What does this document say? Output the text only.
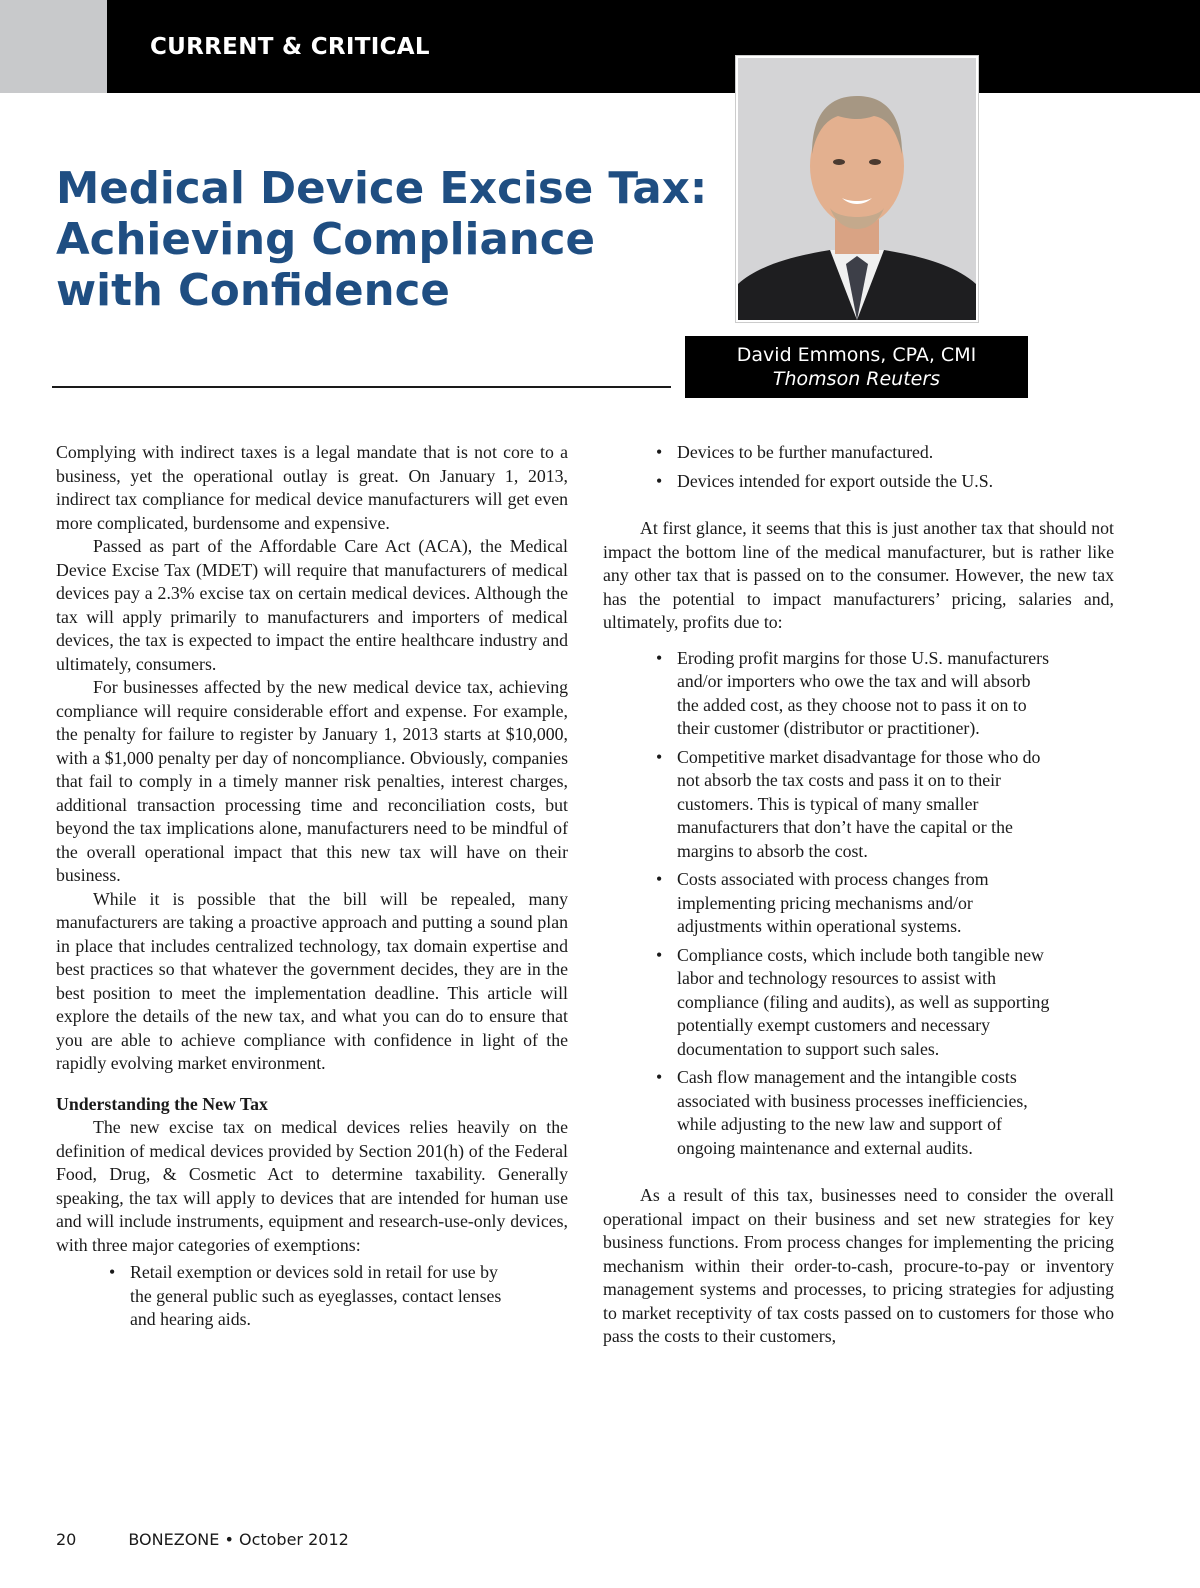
CURRENT & CRITICAL
Medical Device Excise Tax:
Achieving Compliance
with Confidence
David Emmons, CPA, CMI
Thomson Reuters

Complying with indirect taxes is a legal mandate that is not core to a business, yet the operational outlay is great. On January 1, 2013, indirect tax compliance for medical device manufacturers will get even more complicated, burdensome and expensive.

Passed as part of the Affordable Care Act (ACA), the Medical Device Excise Tax (MDET) will require that manufacturers of medical devices pay a 2.3% excise tax on certain medical devices. Although the tax will apply primarily to manufacturers and importers of medical devices, the tax is expected to impact the entire healthcare industry and ultimately, consumers.

For businesses affected by the new medical device tax, achieving compliance will require considerable effort and expense. For example, the penalty for failure to register by January 1, 2013 starts at $10,000, with a $1,000 penalty per day of noncompliance. Obviously, companies that fail to comply in a timely manner risk penalties, interest charges, additional transaction processing time and reconciliation costs, but beyond the tax implications alone, manufacturers need to be mindful of the overall operational impact that this new tax will have on their business.

While it is possible that the bill will be repealed, many manufacturers are taking a proactive approach and putting a sound plan in place that includes centralized technology, tax domain expertise and best practices so that whatever the government decides, they are in the best position to meet the implementation deadline. This article will explore the details of the new tax, and what you can do to ensure that you are able to achieve compliance with confidence in light of the rapidly evolving market environment.

Understanding the New Tax

The new excise tax on medical devices relies heavily on the definition of medical devices provided by Section 201(h) of the Federal Food, Drug, & Cosmetic Act to determine taxability. Generally speaking, the tax will apply to devices that are intended for human use and will include instruments, equipment and research-use-only devices, with three major categories of exemptions:

• Retail exemption or devices sold in retail for use by the general public such as eyeglasses, contact lenses and hearing aids.
• Devices to be further manufactured.
• Devices intended for export outside the U.S.

At first glance, it seems that this is just another tax that should not impact the bottom line of the medical manufacturer, but is rather like any other tax that is passed on to the consumer. However, the new tax has the potential to impact manufacturers’ pricing, salaries and, ultimately, profits due to:

• Eroding profit margins for those U.S. manufacturers and/or importers who owe the tax and will absorb the added cost, as they choose not to pass it on to their customer (distributor or practitioner).
• Competitive market disadvantage for those who do not absorb the tax costs and pass it on to their customers. This is typical of many smaller manufacturers that don’t have the capital or the margins to absorb the cost.
• Costs associated with process changes from implementing pricing mechanisms and/or adjustments within operational systems.
• Compliance costs, which include both tangible new labor and technology resources to assist with compliance (filing and audits), as well as supporting potentially exempt customers and necessary documentation to support such sales.
• Cash flow management and the intangible costs associated with business processes inefficiencies, while adjusting to the new law and support of ongoing maintenance and external audits.

As a result of this tax, businesses need to consider the overall operational impact on their business and set new strategies for key business functions. From process changes for implementing the pricing mechanism within their order-to-cash, procure-to-pay or inventory management systems and processes, to pricing strategies for adjusting to market receptivity of tax costs passed on to customers for those who pass the costs to their customers,

20	BONEZONE • October 2012
